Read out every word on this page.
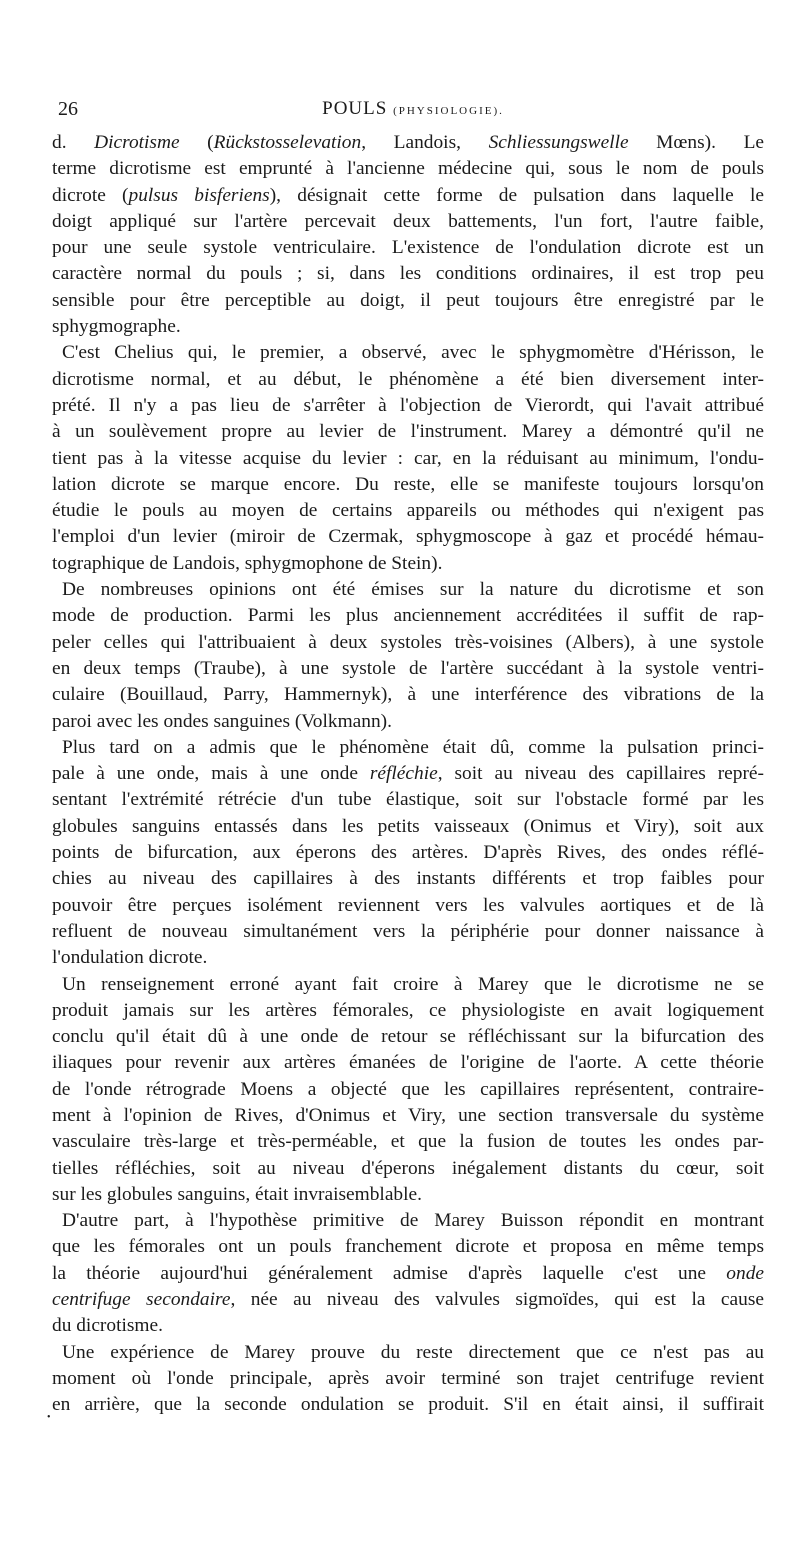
26	POULS (PHYSIOLOGIE).
d. Dicrotisme (Rückstosselevation, Landois, Schliessungswelle Mœns). Le
terme dicrotisme est emprunté à l'ancienne médecine qui, sous le nom de pouls
dicrote (pulsus bisferiens), désignait cette forme de pulsation dans laquelle le
doigt appliqué sur l'artère percevait deux battements, l'un fort, l'autre faible,
pour une seule systole ventriculaire. L'existence de l'ondulation dicrote est un
caractère normal du pouls ; si, dans les conditions ordinaires, il est trop peu
sensible pour être perceptible au doigt, il peut toujours être enregistré par le
sphygmographe.
C'est Chelius qui, le premier, a observé, avec le sphygmomètre d'Hérisson, le
dicrotisme normal, et au début, le phénomène a été bien diversement inter-
prété. Il n'y a pas lieu de s'arrêter à l'objection de Vierordt, qui l'avait attribué
à un soulèvement propre au levier de l'instrument. Marey a démontré qu'il ne
tient pas à la vitesse acquise du levier : car, en la réduisant au minimum, l'ondu-
lation dicrote se marque encore. Du reste, elle se manifeste toujours lorsqu'on
étudie le pouls au moyen de certains appareils ou méthodes qui n'exigent pas
l'emploi d'un levier (miroir de Czermak, sphygmoscope à gaz et procédé hémau-
tographique de Landois, sphygmophone de Stein).
De nombreuses opinions ont été émises sur la nature du dicrotisme et son
mode de production. Parmi les plus anciennement accréditées il suffit de rap-
peler celles qui l'attribuaient à deux systoles très-voisines (Albers), à une systole
en deux temps (Traube), à une systole de l'artère succédant à la systole ventri-
culaire (Bouillaud, Parry, Hammernyk), à une interférence des vibrations de la
paroi avec les ondes sanguines (Volkmann).
Plus tard on a admis que le phénomène était dû, comme la pulsation princi-
pale à une onde, mais à une onde réfléchie, soit au niveau des capillaires repré-
sentant l'extrémité rétrécie d'un tube élastique, soit sur l'obstacle formé par les
globules sanguins entassés dans les petits vaisseaux (Onimus et Viry), soit aux
points de bifurcation, aux éperons des artères. D'après Rives, des ondes réflé-
chies au niveau des capillaires à des instants différents et trop faibles pour
pouvoir être perçues isolément reviennent vers les valvules aortiques et de là
refluent de nouveau simultanément vers la périphérie pour donner naissance à
l'ondulation dicrote.
Un renseignement erroné ayant fait croire à Marey que le dicrotisme ne se
produit jamais sur les artères fémorales, ce physiologiste en avait logiquement
conclu qu'il était dû à une onde de retour se réfléchissant sur la bifurcation des
iliaques pour revenir aux artères émanées de l'origine de l'aorte. A cette théorie
de l'onde rétrograde Moens a objecté que les capillaires représentent, contraire-
ment à l'opinion de Rives, d'Onimus et Viry, une section transversale du système
vasculaire très-large et très-perméable, et que la fusion de toutes les ondes par-
tielles réfléchies, soit au niveau d'éperons inégalement distants du cœur, soit
sur les globules sanguins, était invraisemblable.
D'autre part, à l'hypothèse primitive de Marey Buisson répondit en montrant
que les fémorales ont un pouls franchement dicrote et proposa en même temps
la théorie aujourd'hui généralement admise d'après laquelle c'est une onde
centrifuge secondaire, née au niveau des valvules sigmoïdes, qui est la cause
du dicrotisme.
Une expérience de Marey prouve du reste directement que ce n'est pas au
moment où l'onde principale, après avoir terminé son trajet centrifuge revient
en arrière, que la seconde ondulation se produit. S'il en était ainsi, il suffirait
•
